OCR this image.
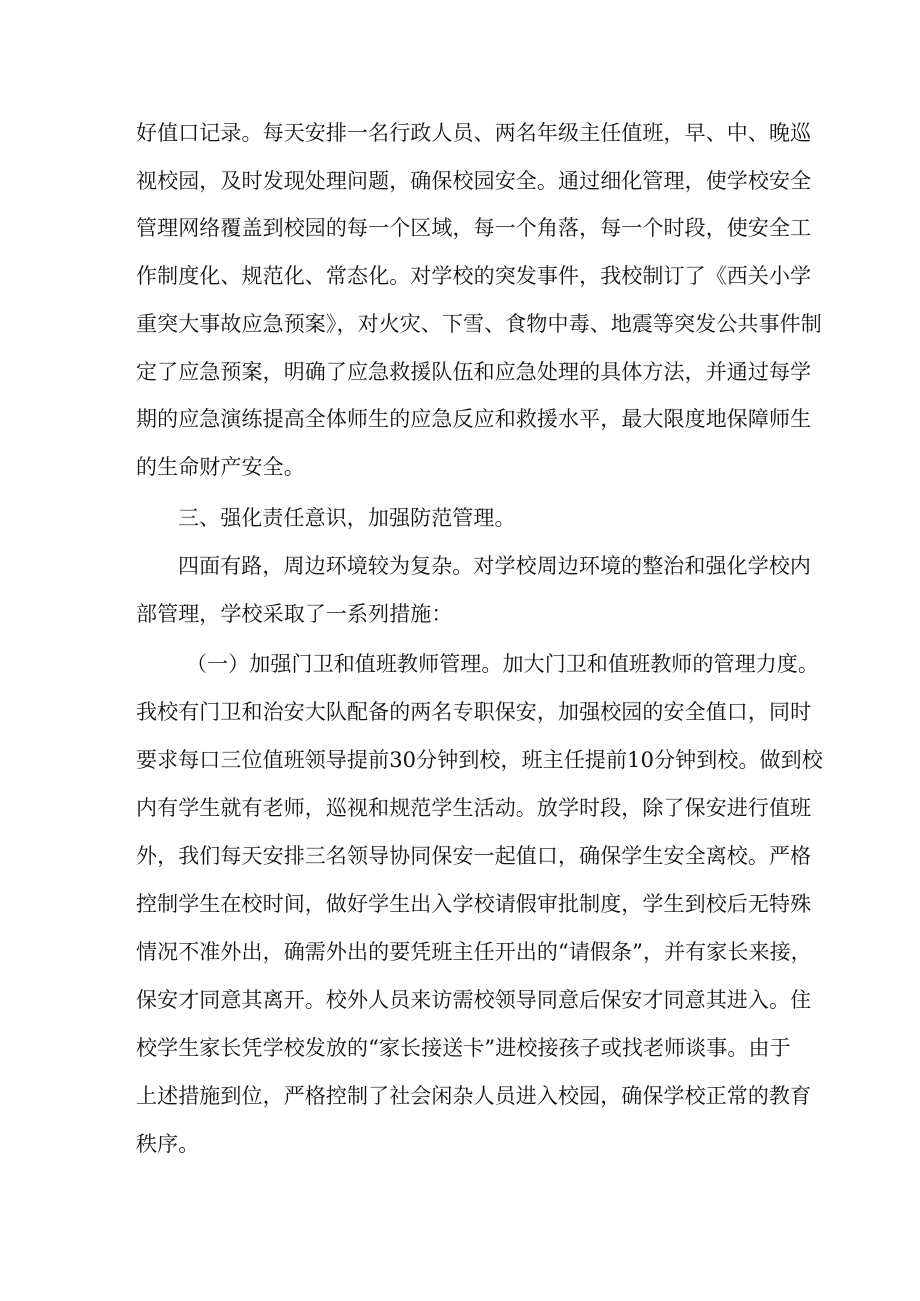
好值口记录。每天安排一名行政人员、两名年级主任值班，早、中、晚巡
视校园，及时发现处理问题，确保校园安全。通过细化管理，使学校安全
管理网络覆盖到校园的每一个区域，每一个角落，每一个时段，使安全工
作制度化、规范化、常态化。对学校的突发事件，我校制订了《西关小学
重突大事故应急预案》，对火灾、下雪、食物中毒、地震等突发公共事件制
定了应急预案，明确了应急救援队伍和应急处理的具体方法，并通过每学
期的应急演练提高全体师生的应急反应和救援水平，最大限度地保障师生
的生命财产安全。
三、强化责任意识，加强防范管理。
四面有路，周边环境较为复杂。对学校周边环境的整治和强化学校内
部管理，学校采取了一系列措施：
（一）加强门卫和值班教师管理。加大门卫和值班教师的管理力度。
我校有门卫和治安大队配备的两名专职保安，加强校园的安全值口，同时
要求每口三位值班领导提前30分钟到校，班主任提前10分钟到校。做到校
内有学生就有老师，巡视和规范学生活动。放学时段，除了保安进行值班
外，我们每天安排三名领导协同保安一起值口，确保学生安全离校。严格
控制学生在校时间，做好学生出入学校请假审批制度，学生到校后无特殊
情况不准外出，确需外出的要凭班主任开出的“请假条”，并有家长来接，
保安才同意其离开。校外人员来访需校领导同意后保安才同意其进入。住
校学生家长凭学校发放的“家长接送卡”进校接孩子或找老师谈事。由于
上述措施到位，严格控制了社会闲杂人员进入校园，确保学校正常的教育
秩序。
